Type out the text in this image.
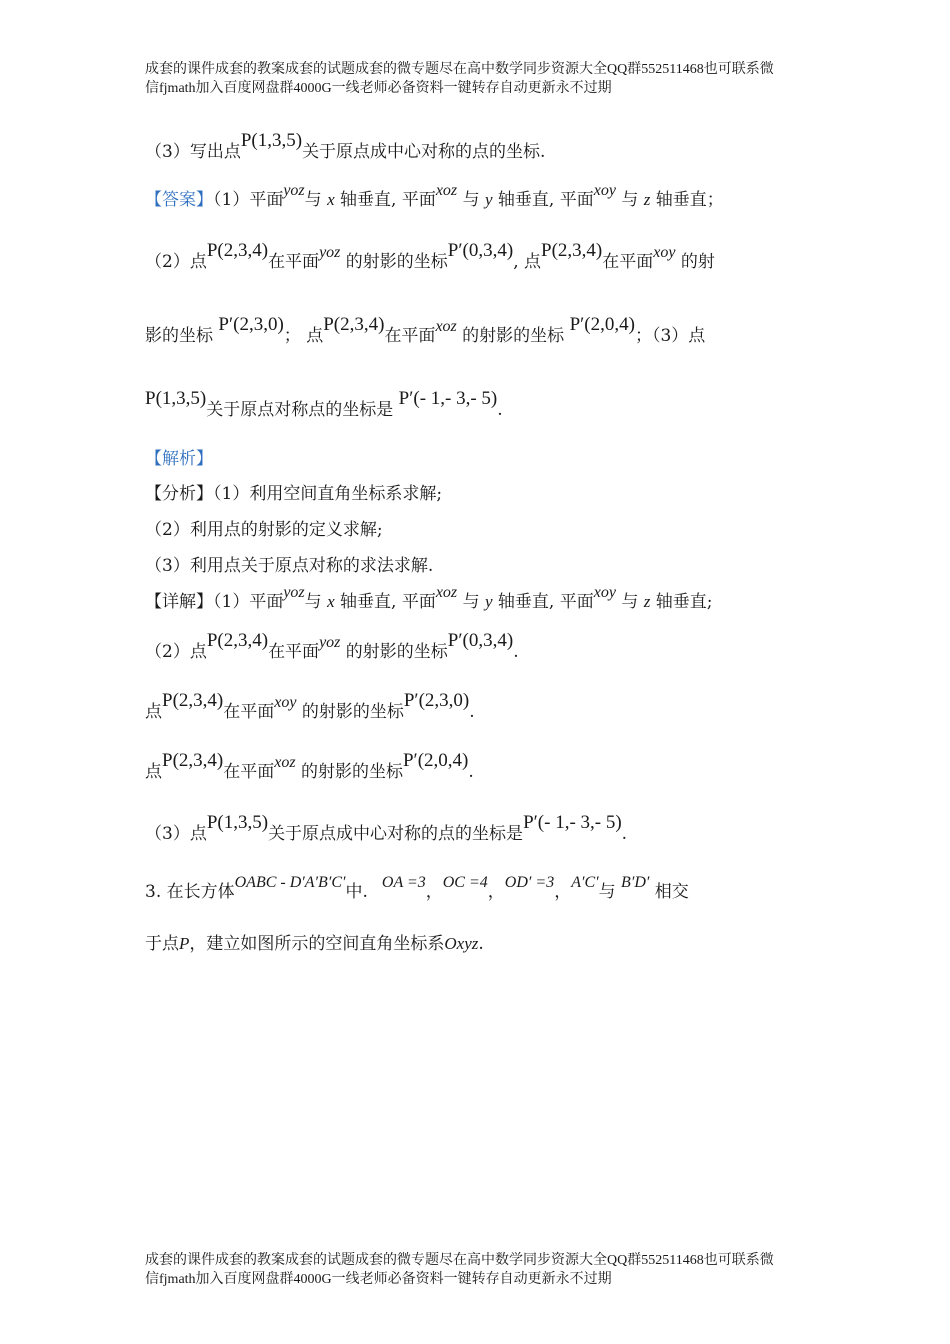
成套的课件成套的教案成套的试题成套的微专题尽在高中数学同步资源大全QQ群552511468也可联系微
信fjmath加入百度网盘群4000G一线老师必备资料一键转存自动更新永不过期
（3）写出点P(1,3,5)关于原点成中心对称的点的坐标.
【答案】（1）平面yoz与 x 轴垂直, 平面xoz 与 y 轴垂直, 平面xoy 与 z 轴垂直；
（2）点P(2,3,4)在平面yoz 的射影的坐标P′(0,3,4), 点P(2,3,4)在平面xoy 的射
影的坐标 P′(2,3,0)； 点P(2,3,4)在平面xoz 的射影的坐标 P′(2,0,4)；（3）点
P(1,3,5)关于原点对称点的坐标是 P′(- 1,- 3,- 5).
【解析】
【分析】（1）利用空间直角坐标系求解;
（2）利用点的射影的定义求解;
（3）利用点关于原点对称的求法求解.
【详解】（1）平面yoz与 x 轴垂直, 平面xoz 与 y 轴垂直, 平面xoy 与 z 轴垂直;
（2）点P(2,3,4)在平面yoz 的射影的坐标P′(0,3,4).
点P(2,3,4)在平面xoy 的射影的坐标P′(2,3,0).
点P(2,3,4)在平面xoz 的射影的坐标P′(2,0,4).
（3）点P(1,3,5)关于原点成中心对称的点的坐标是P′(- 1,- 3,- 5).
3. 在长方体OABC - D′A′B′C′中. OA =3，OC =4，OD′ =3，A′C′与 B′D′ 相交
于点P，建立如图所示的空间直角坐标系Oxyz.
成套的课件成套的教案成套的试题成套的微专题尽在高中数学同步资源大全QQ群552511468也可联系微
信fjmath加入百度网盘群4000G一线老师必备资料一键转存自动更新永不过期
